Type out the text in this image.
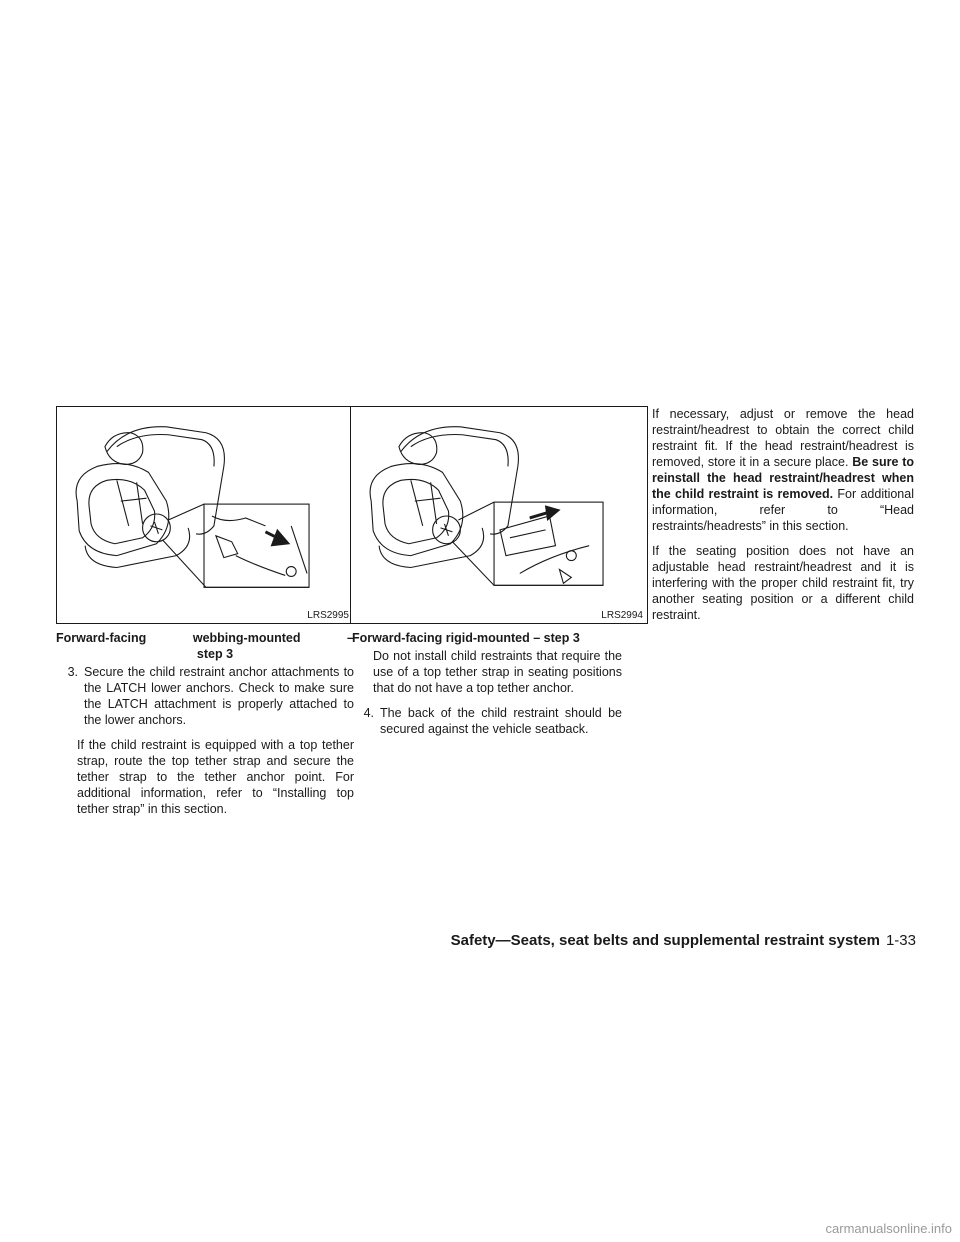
LRS2995	LRS2994
Forward-facing	webbing-mounted	–
step 3
Forward-facing rigid-mounted – step 3
3. Secure the child restraint anchor attachments to the LATCH lower anchors. Check to make sure the LATCH attachment is properly attached to the lower anchors.

If the child restraint is equipped with a top tether strap, route the top tether strap and secure the tether strap to the tether anchor point. For additional information, refer to “Installing top tether strap” in this section.

Do not install child restraints that require the use of a top tether strap in seating positions that do not have a top tether anchor.

4. The back of the child restraint should be secured against the vehicle seatback.

If necessary, adjust or remove the head restraint/headrest to obtain the correct child restraint fit. If the head restraint/headrest is removed, store it in a secure place. Be sure to reinstall the head restraint/headrest when the child restraint is removed. For additional information, refer to “Head restraints/headrests” in this section.

If the seating position does not have an adjustable head restraint/headrest and it is interfering with the proper child restraint fit, try another seating position or a different child restraint.

Safety—Seats, seat belts and supplemental restraint system 1-33
carmanualsonline.info
